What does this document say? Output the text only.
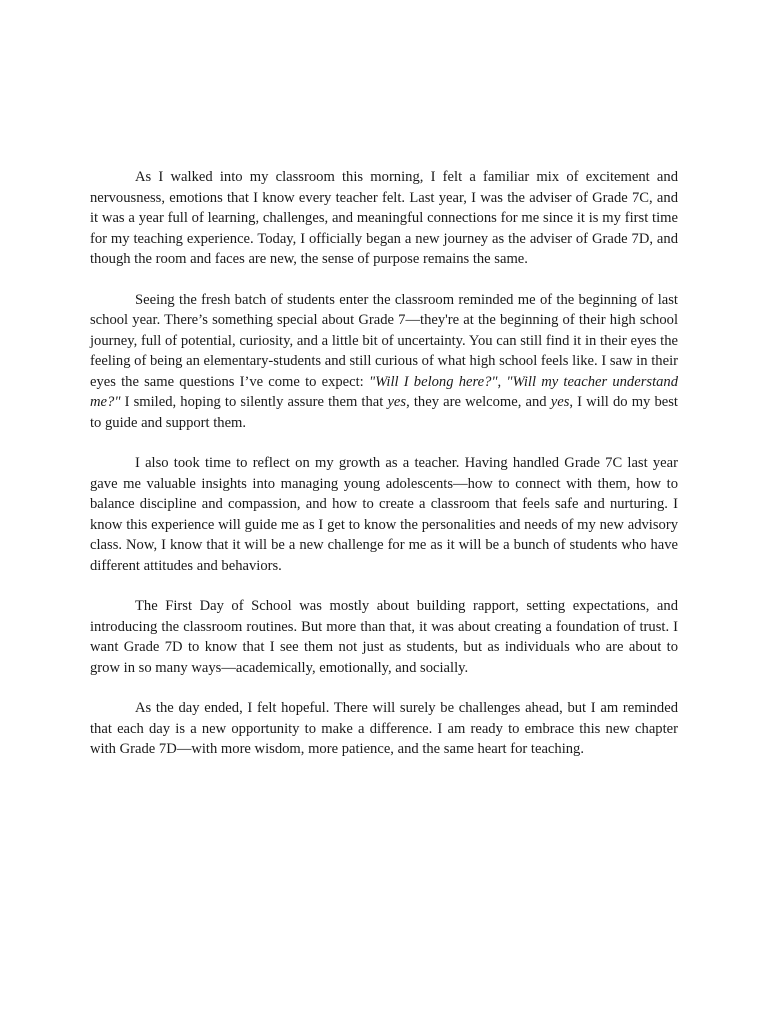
As I walked into my classroom this morning, I felt a familiar mix of excitement and nervousness, emotions that I know every teacher felt. Last year, I was the adviser of Grade 7C, and it was a year full of learning, challenges, and meaningful connections for me since it is my first time for my teaching experience. Today, I officially began a new journey as the adviser of Grade 7D, and though the room and faces are new, the sense of purpose remains the same.

Seeing the fresh batch of students enter the classroom reminded me of the beginning of last school year. There’s something special about Grade 7—they're at the beginning of their high school journey, full of potential, curiosity, and a little bit of uncertainty. You can still find it in their eyes the feeling of being an elementary-students and still curious of what high school feels like. I saw in their eyes the same questions I’ve come to expect: "Will I belong here?", "Will my teacher understand me?" I smiled, hoping to silently assure them that yes, they are welcome, and yes, I will do my best to guide and support them.

I also took time to reflect on my growth as a teacher. Having handled Grade 7C last year gave me valuable insights into managing young adolescents—how to connect with them, how to balance discipline and compassion, and how to create a classroom that feels safe and nurturing. I know this experience will guide me as I get to know the personalities and needs of my new advisory class. Now, I know that it will be a new challenge for me as it will be a bunch of students who have different attitudes and behaviors.

The First Day of School was mostly about building rapport, setting expectations, and introducing the classroom routines. But more than that, it was about creating a foundation of trust. I want Grade 7D to know that I see them not just as students, but as individuals who are about to grow in so many ways—academically, emotionally, and socially.

As the day ended, I felt hopeful. There will surely be challenges ahead, but I am reminded that each day is a new opportunity to make a difference. I am ready to embrace this new chapter with Grade 7D—with more wisdom, more patience, and the same heart for teaching.
